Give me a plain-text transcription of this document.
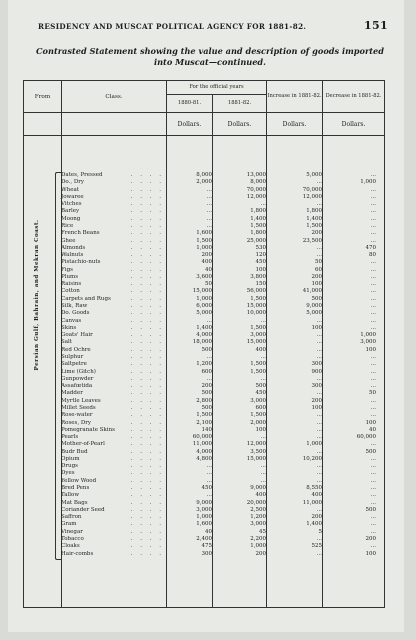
RESIDENCY AND MUSCAT POLITICAL AGENCY FOR 1881-82.	151
Contrasted Statement showing the value and description of goods imported
into Muscat—continued.
From	Class.	For the official years		Increase in 1881-82.	Decrease in 1881-82.
		1880-81.	1881-82.		
		Dollars.	Dollars.	Dollars.	Dollars.

Persian Gulf, Bahrain, and Mekran Coast.
Dates, Pressed	. . . .	8,000	13,000	5,000	...
Do., Dry	. . . .	2,000	8,000	...	1,000
Wheat	. . . .	...	70,000	70,000	...
Jowaree	. . . .	...	12,000	12,000	...
Vitches	. . . .	...	...	...	...
Barley	. . . .	...	1,800	1,800	...
Moong	. . . .	...	1,400	1,400	...
Rice	. . . .	...	1,500	1,500	...
French Beans	. . . .	1,600	1,800	200	...
Ghee	. . . .	1,500	25,000	23,500	...
Almonds	. . . .	1,000	530	...	470
Walnuts	. . . .	200	120	...	80
Pistachio-nuts	. . . .	400	450	50	...
Figs	. . . .	40	100	60	...
Plums	. . . .	3,600	3,800	200	...
Raisins	. . . .	50	150	100	...
Cotton	. . . .	15,000	56,000	41,000	...
Carpets and Rugs	. . . .	1,000	1,500	500	...
Silk, Raw	. . . .	6,000	15,000	9,000	...
Do. Goods	. . . .	5,000	10,000	5,000	...
Canvas	. . . .	...	...	...	...
Skins	. . . .	1,400	1,500	100	...
Goats' Hair	. . . .	4,000	3,000	...	1,000
Salt	. . . .	18,000	15,000	...	3,000
Red Ochre	. . . .	500	400	...	100
Sulphur	. . . .	...	...	...	...
Saltpetre	. . . .	1,200	1,500	300	...
Lime (Gitch)	. . . .	600	1,500	900	...
Gunpowder	. . . .	...	...	...	...
Assafœtida	. . . .	200	500	300	...
Madder	. . . .	500	450	...	50
Myrtle Leaves	. . . .	2,800	3,000	200	...
Millet Seeds	. . . .	500	600	100	...
Rose-water	. . . .	1,500	1,500	...	...
Roses, Dry	. . . .	2,100	2,000	...	100
Pomegranate Skins	. . . .	140	100	...	40
Pearls	. . . .	60,000	...	...	60,000
Mother-of-Pearl	. . . .	11,000	12,000	1,000	...
Budr Bud	. . . .	4,000	3,500	...	500
Opium	. . . .	4,800	15,000	10,200	...
Drugs	. . . .	...	...	...	...
Dyes	. . . .	...	...	...	...
Yellow Wood	. . . .	...	...	...	...
Bred Pens	. . . .	450	9,000	8,550	...
Tallow	. . . .	...	400	400	...
Mat Bags	. . . .	9,000	20,000	11,000	...
Coriander Seed	. . . .	3,000	2,500	...	500
Saffron	. . . .	1,000	1,200	200	...
Gram	. . . .	1,600	3,000	1,400	...
Vinegar	. . . .	40	45	5	...
Tobacco	. . . .	2,400	2,200	...	200
Cloaks	. . . .	475	1,000	525	...
Hair-combs	. . . .	300	200	...	100
